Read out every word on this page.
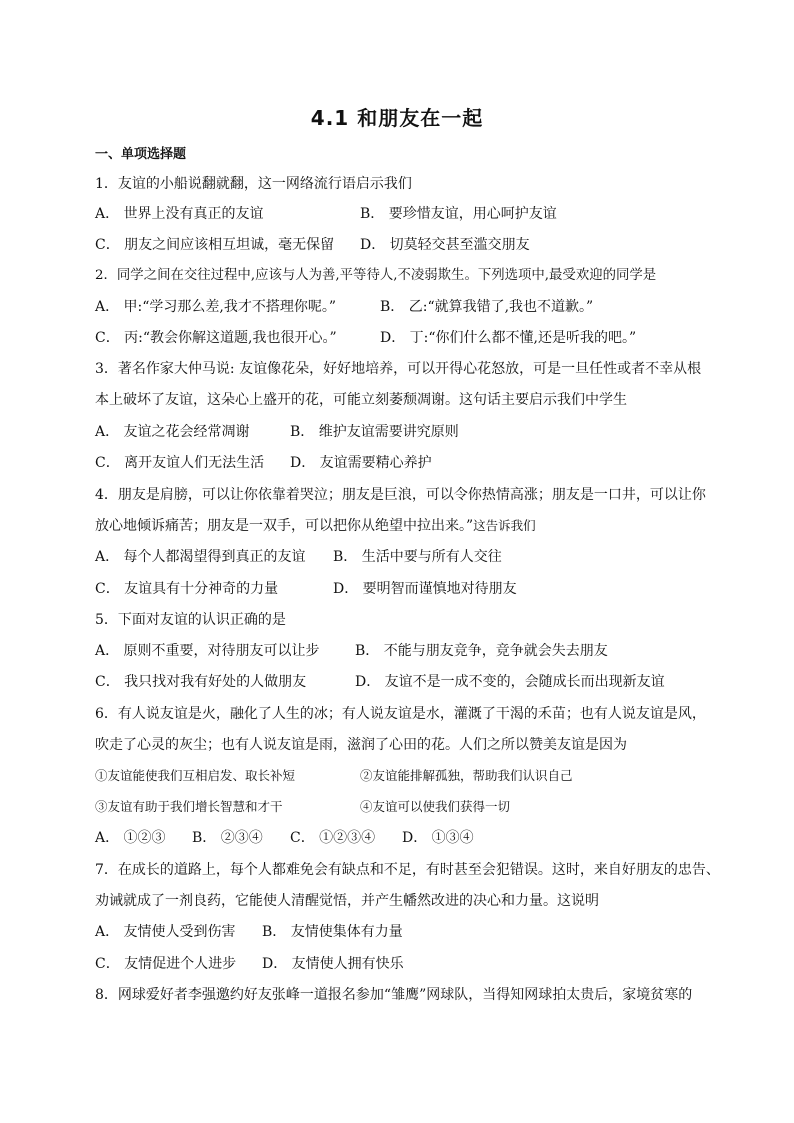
4.1 和朋友在一起
一、单项选择题
1．友谊的小船说翻就翻，这一网络流行语启示我们
A． 世界上没有真正的友谊	B． 要珍惜友谊，用心呵护友谊
C． 朋友之间应该相互坦诚，毫无保留 D． 切莫轻交甚至滥交朋友
2．同学之间在交往过程中,应该与人为善,平等待人,不凌弱欺生。下列选项中,最受欢迎的同学是
A． 甲:“学习那么差,我才不搭理你呢。”	B． 乙:“就算我错了,我也不道歉。”
C． 丙:“教会你解这道题,我也很开心。”	D． 丁:“你们什么都不懂,还是听我的吧。”
3．著名作家大仲马说: 友谊像花朵，好好地培养，可以开得心花怒放，可是一旦任性或者不幸从根
本上破坏了友谊，这朵心上盛开的花，可能立刻萎颓凋谢。这句话主要启示我们中学生
A． 友谊之花会经常凋谢	B． 维护友谊需要讲究原则
C． 离开友谊人们无法生活 D． 友谊需要精心养护
4．朋友是肩膀，可以让你依靠着哭泣；朋友是巨浪，可以令你热情高涨；朋友是一口井，可以让你
放心地倾诉痛苦；朋友是一双手，可以把你从绝望中拉出来。”这告诉我们
A． 每个人都渴望得到真正的友谊 B． 生活中要与所有人交往
C． 友谊具有十分神奇的力量	D． 要明智而谨慎地对待朋友
5．下面对友谊的认识正确的是
A． 原则不重要，对待朋友可以让步	B． 不能与朋友竞争，竞争就会失去朋友
C． 我只找对我有好处的人做朋友	D． 友谊不是一成不变的，会随成长而出现新友谊
6．有人说友谊是火，融化了人生的冰；有人说友谊是水，灌溉了干渴的禾苗；也有人说友谊是风，
吹走了心灵的灰尘；也有人说友谊是雨，滋润了心田的花。人们之所以赞美友谊是因为
①友谊能使我们互相启发、取长补短	②友谊能排解孤独，帮助我们认识自己
③友谊有助于我们增长智慧和才干	④友谊可以使我们获得一切
A． ①②③ B． ②③④ C． ①②③④ D． ①③④
7．在成长的道路上，每个人都难免会有缺点和不足，有时甚至会犯错误。这时，来自好朋友的忠告、
劝诫就成了一剂良药，它能使人清醒觉悟，并产生幡然改进的决心和力量。这说明
A． 友情使人受到伤害 B． 友情使集体有力量
C． 友情促进个人进步 D． 友情使人拥有快乐
8．网球爱好者李强邀约好友张峰一道报名参加“雏鹰”网球队，当得知网球拍太贵后，家境贫寒的
